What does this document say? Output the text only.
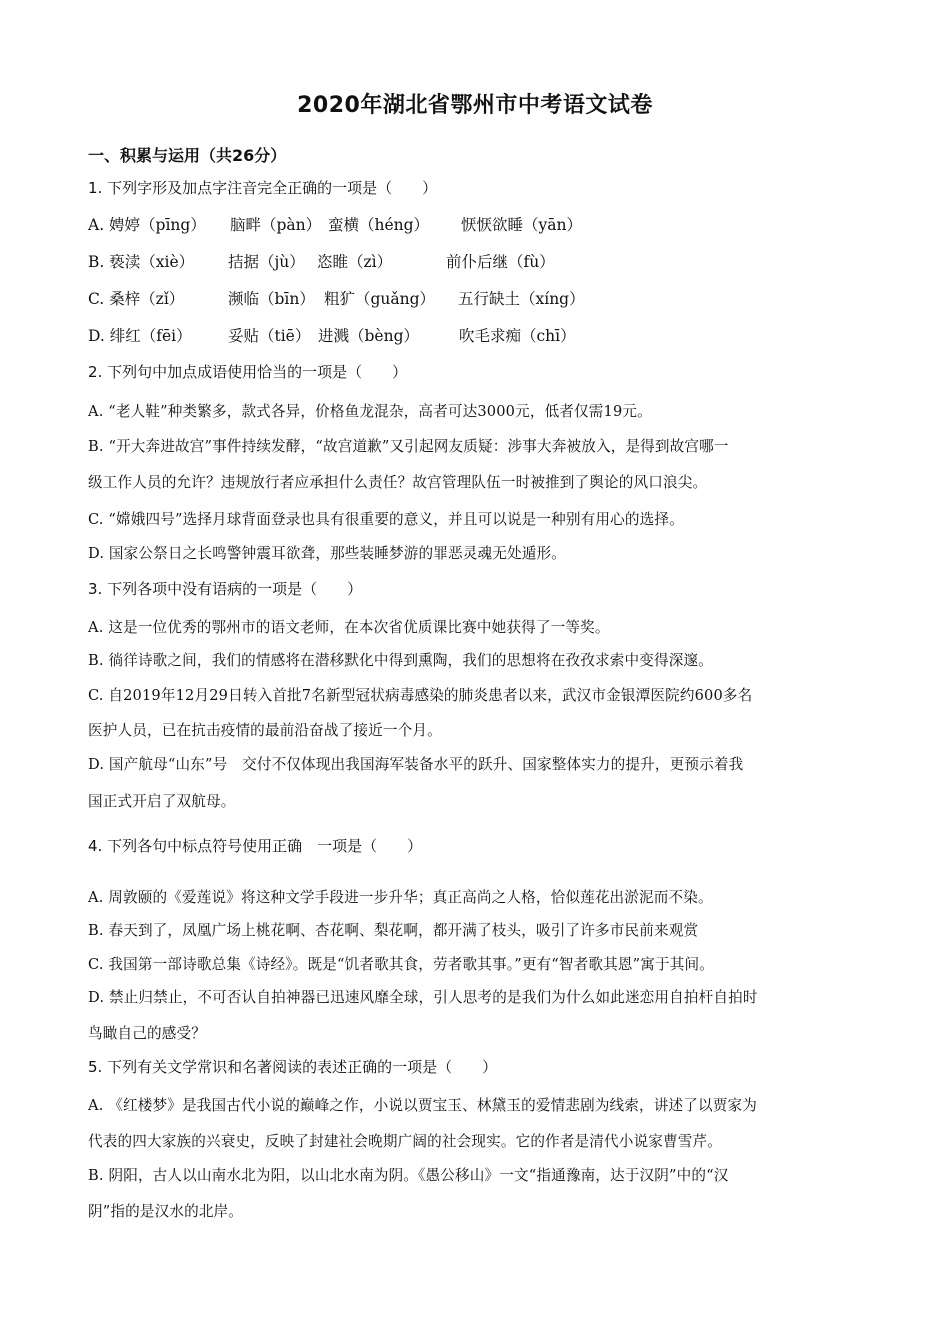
2020年湖北省鄂州市中考语文试卷
一、积累与运用（共26分）
1. 下列字形及加点字注音完全正确的一项是（　　）
A. 娉婷（pīng） 脑畔（pàn） 蛮横（héng） 恹恹欲睡（yān）
B. 亵渎（xiè） 拮据（jù） 恣睢（zì）	前仆后继（fù）
C. 桑梓（zǐ）	濒临（bīn） 粗犷（guǎng） 五行缺土（xíng）
D. 绯红（fēi） 妥贴（tiē） 进溅（bèng）	吹毛求痴（chī）
2. 下列句中加点成语使用恰当的一项是（　　）
A. “老人鞋”种类繁多，款式各异，价格鱼龙混杂，高者可达3000元，低者仅需19元。
B. “开大奔进故宫”事件持续发酵，“故宫道歉”又引起网友质疑：涉事大奔被放入，是得到故宫哪一
级工作人员的允许？违规放行者应承担什么责任？故宫管理队伍一时被推到了舆论的风口浪尖。
C. “嫦娥四号”选择月球背面登录也具有很重要的意义，并且可以说是一种别有用心的选择。
D. 国家公祭日之长鸣警钟震耳欲聋，那些装睡梦游的罪恶灵魂无处遁形。
3. 下列各项中没有语病的一项是（　　）
A. 这是一位优秀的鄂州市的语文老师，在本次省优质课比赛中她获得了一等奖。
B. 徜徉诗歌之间，我们的情感将在潜移默化中得到熏陶，我们的思想将在孜孜求索中变得深邃。
C. 自2019年12月29日转入首批7名新型冠状病毒感染的肺炎患者以来，武汉市金银潭医院约600多名
医护人员，已在抗击疫情的最前沿奋战了接近一个月。
D. 国产航母“山东”号　交付不仅体现出我国海军装备水平的跃升、国家整体实力的提升，更预示着我
国正式开启了双航母。
4. 下列各句中标点符号使用正确　一项是（　　）
A. 周敦颐的《爱莲说》将这种文学手段进一步升华；真正高尚之人格，恰似莲花出淤泥而不染。
B. 春天到了，凤凰广场上桃花啊、杏花啊、梨花啊，都开满了枝头，吸引了许多市民前来观赏
C. 我国第一部诗歌总集《诗经》。既是“饥者歌其食，劳者歌其事。”更有“智者歌其恩”寓于其间。
D. 禁止归禁止，不可否认自拍神器已迅速风靡全球，引人思考的是我们为什么如此迷恋用自拍杆自拍时
鸟瞰自己的感受？
5. 下列有关文学常识和名著阅读的表述正确的一项是（　　）
A. 《红楼梦》是我国古代小说的巅峰之作，小说以贾宝玉、林黛玉的爱情悲剧为线索，讲述了以贾家为
代表的四大家族的兴衰史，反映了封建社会晚期广阔的社会现实。它的作者是清代小说家曹雪芹。
B. 阴阳，古人以山南水北为阳，以山北水南为阴。《愚公移山》一文“指通豫南，达于汉阴”中的“汉
阴”指的是汉水的北岸。
